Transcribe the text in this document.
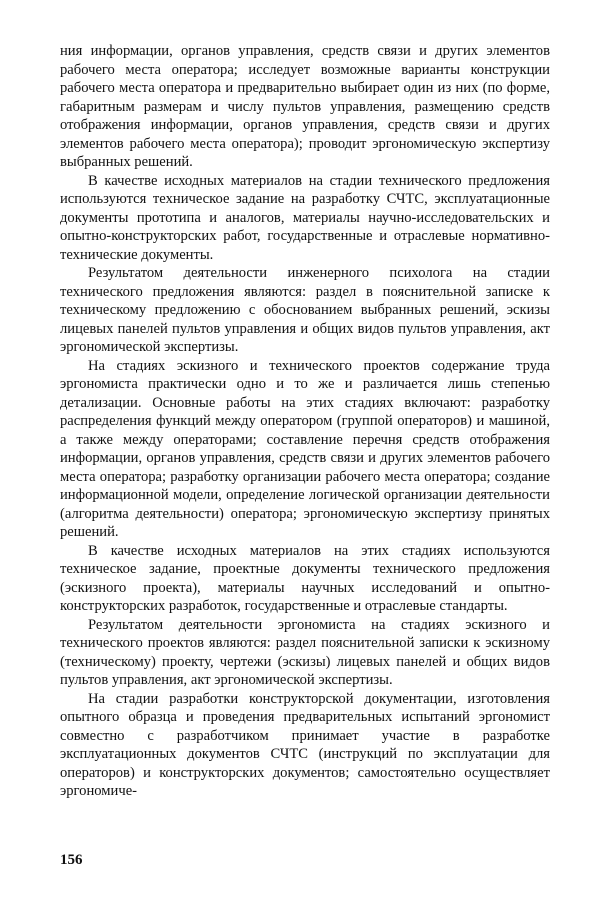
ния информации, органов управления, средств связи и других элементов рабочего места оператора; исследует возможные варианты конструкции рабочего места оператора и предварительно выбирает один из них (по форме, габаритным размерам и числу пультов управления, размещению средств отображения информации, органов управления, средств связи и других элементов рабочего места оператора); проводит эргономическую экспертизу выбранных решений.

В качестве исходных материалов на стадии технического предложения используются техническое задание на разработку СЧТС, эксплуатационные документы прототипа и аналогов, материалы научно-исследовательских и опытно-конструкторских работ, государственные и отраслевые нормативно-технические документы.

Результатом деятельности инженерного психолога на стадии технического предложения являются: раздел в пояснительной записке к техническому предложению с обоснованием выбранных решений, эскизы лицевых панелей пультов управления и общих видов пультов управления, акт эргономической экспертизы.

На стадиях эскизного и технического проектов содержание труда эргономиста практически одно и то же и различается лишь степенью детализации. Основные работы на этих стадиях включают: разработку распределения функций между оператором (группой операторов) и машиной, а также между операторами; составление перечня средств отображения информации, органов управления, средств связи и других элементов рабочего места оператора; разработку организации рабочего места оператора; создание информационной модели, определение логической организации деятельности (алгоритма деятельности) оператора; эргономическую экспертизу принятых решений.

В качестве исходных материалов на этих стадиях используются техническое задание, проектные документы технического предложения (эскизного проекта), материалы научных исследований и опытно-конструкторских разработок, государственные и отраслевые стандарты.

Результатом деятельности эргономиста на стадиях эскизного и технического проектов являются: раздел пояснительной записки к эскизному (техническому) проекту, чертежи (эскизы) лицевых панелей и общих видов пультов управления, акт эргономической экспертизы.

На стадии разработки конструкторской документации, изготовления опытного образца и проведения предварительных испытаний эргономист совместно с разработчиком принимает участие в разработке эксплуатационных документов СЧТС (инструкций по эксплуатации для операторов) и конструкторских документов; самостоятельно осуществляет эргономиче-

156
